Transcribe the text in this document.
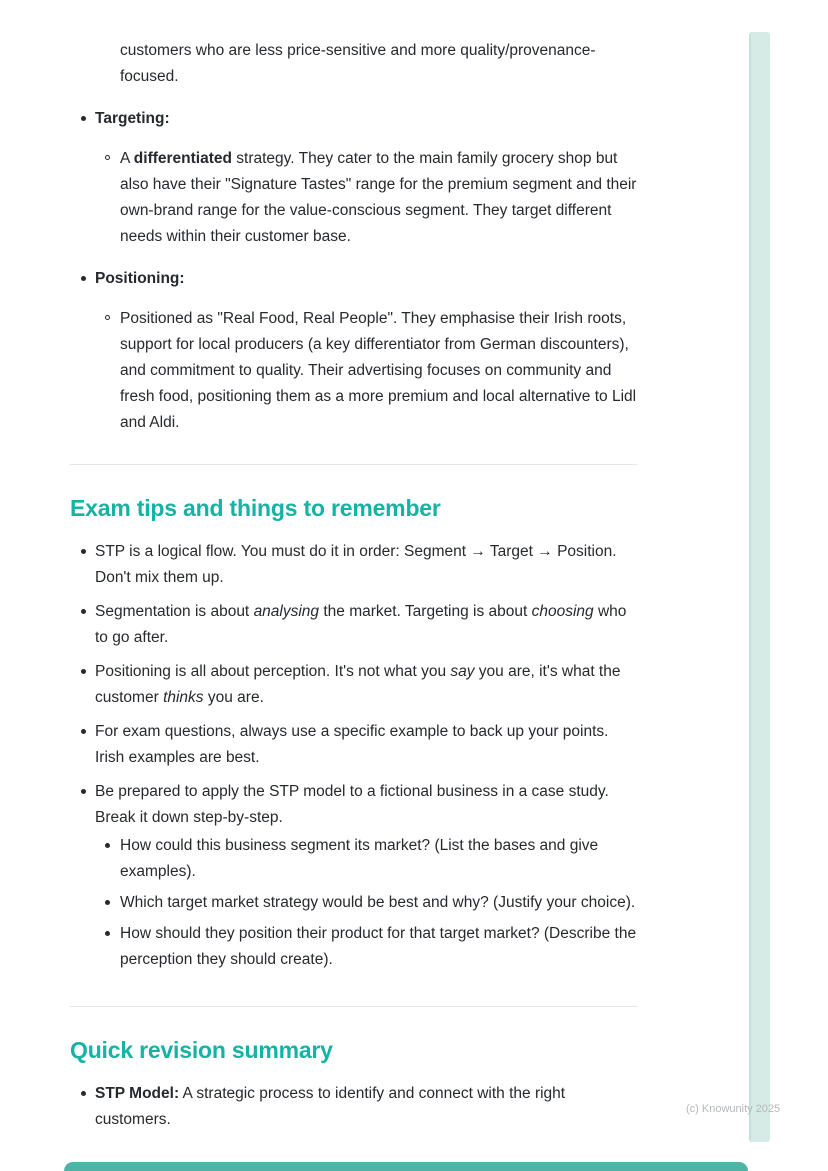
customers who are less price-sensitive and more quality/provenance-focused.

Targeting:

A differentiated strategy. They cater to the main family grocery shop but also have their "Signature Tastes" range for the premium segment and their own-brand range for the value-conscious segment. They target different needs within their customer base.

Positioning:

Positioned as "Real Food, Real People". They emphasise their Irish roots, support for local producers (a key differentiator from German discounters), and commitment to quality. Their advertising focuses on community and fresh food, positioning them as a more premium and local alternative to Lidl and Aldi.

Exam tips and things to remember

STP is a logical flow. You must do it in order: Segment → Target → Position. Don't mix them up.

Segmentation is about analysing the market. Targeting is about choosing who to go after.

Positioning is all about perception. It's not what you say you are, it's what the customer thinks you are.

For exam questions, always use a specific example to back up your points. Irish examples are best.

Be prepared to apply the STP model to a fictional business in a case study. Break it down step-by-step.

How could this business segment its market? (List the bases and give examples).

Which target market strategy would be best and why? (Justify your choice).

How should they position their product for that target market? (Describe the perception they should create).

Quick revision summary

STP Model: A strategic process to identify and connect with the right customers.

(c) Knowunity 2025
